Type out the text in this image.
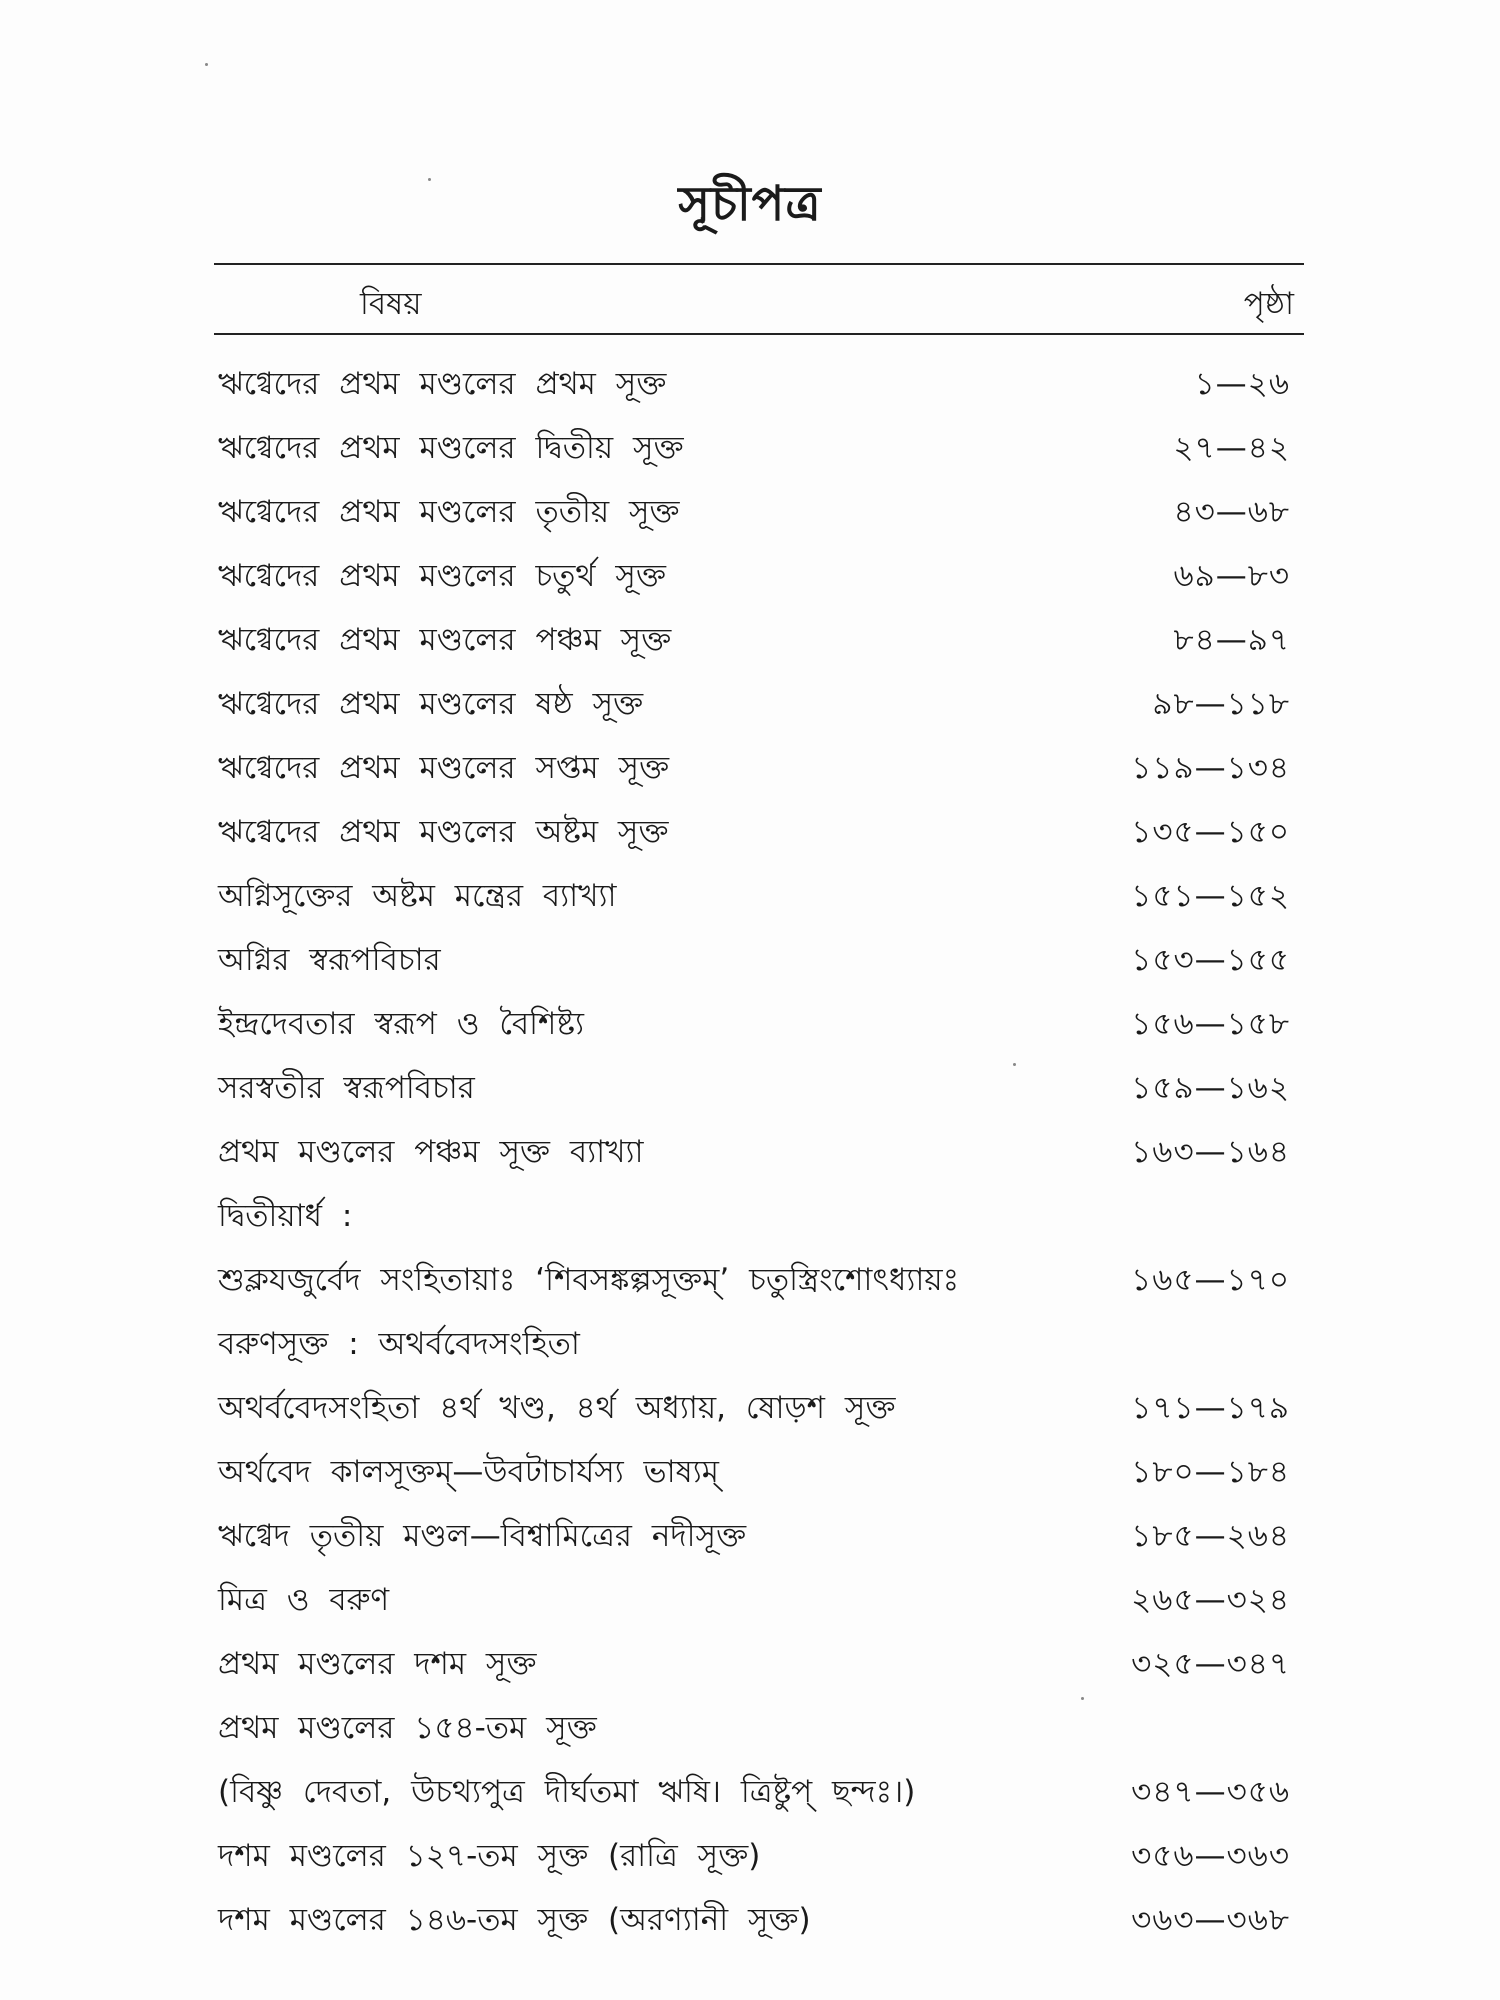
সূচীপত্র
বিষয়	পৃষ্ঠা
ঋগ্বেদের প্রথম মণ্ডলের প্রথম সূক্ত	১—২৬
ঋগ্বেদের প্রথম মণ্ডলের দ্বিতীয় সূক্ত	২৭—৪২
ঋগ্বেদের প্রথম মণ্ডলের তৃতীয় সূক্ত	৪৩—৬৮
ঋগ্বেদের প্রথম মণ্ডলের চতুর্থ সূক্ত	৬৯—৮৩
ঋগ্বেদের প্রথম মণ্ডলের পঞ্চম সূক্ত	৮৪—৯৭
ঋগ্বেদের প্রথম মণ্ডলের ষষ্ঠ সূক্ত	৯৮—১১৮
ঋগ্বেদের প্রথম মণ্ডলের সপ্তম সূক্ত	১১৯—১৩৪
ঋগ্বেদের প্রথম মণ্ডলের অষ্টম সূক্ত	১৩৫—১৫০
অগ্নিসূক্তের অষ্টম মন্ত্রের ব্যাখ্যা	১৫১—১৫২
অগ্নির স্বরূপবিচার	১৫৩—১৫৫
ইন্দ্রদেবতার স্বরূপ ও বৈশিষ্ট্য	১৫৬—১৫৮
সরস্বতীর স্বরূপবিচার	১৫৯—১৬২
প্রথম মণ্ডলের পঞ্চম সূক্ত ব্যাখ্যা	১৬৩—১৬৪
দ্বিতীয়ার্ধ :
শুক্লযজুর্বেদ সংহিতায়াঃ ‘শিবসঙ্কল্পসূক্তম্’ চতুস্ত্রিংশোৎধ্যায়ঃ	১৬৫—১৭০
বরুণসূক্ত : অথর্ববেদসংহিতা
অথর্ববেদসংহিতা ৪র্থ খণ্ড, ৪র্থ অধ্যায়, ষোড়শ সূক্ত	১৭১—১৭৯
অর্থবেদ কালসূক্তম্—উবটাচার্যস্য ভাষ্যম্	১৮০—১৮৪
ঋগ্বেদ তৃতীয় মণ্ডল—বিশ্বামিত্রের নদীসূক্ত	১৮৫—২৬৪
মিত্র ও বরুণ	২৬৫—৩২৪
প্রথম মণ্ডলের দশম সূক্ত	৩২৫—৩৪৭
প্রথম মণ্ডলের ১৫৪-তম সূক্ত
(বিষ্ণু দেবতা, উচথ্যপুত্র দীর্ঘতমা ঋষি। ত্রিষ্টুপ্ ছন্দঃ।)	৩৪৭—৩৫৬
দশম মণ্ডলের ১২৭-তম সূক্ত (রাত্রি সূক্ত)	৩৫৬—৩৬৩
দশম মণ্ডলের ১৪৬-তম সূক্ত (অরণ্যানী সূক্ত)	৩৬৩—৩৬৮
